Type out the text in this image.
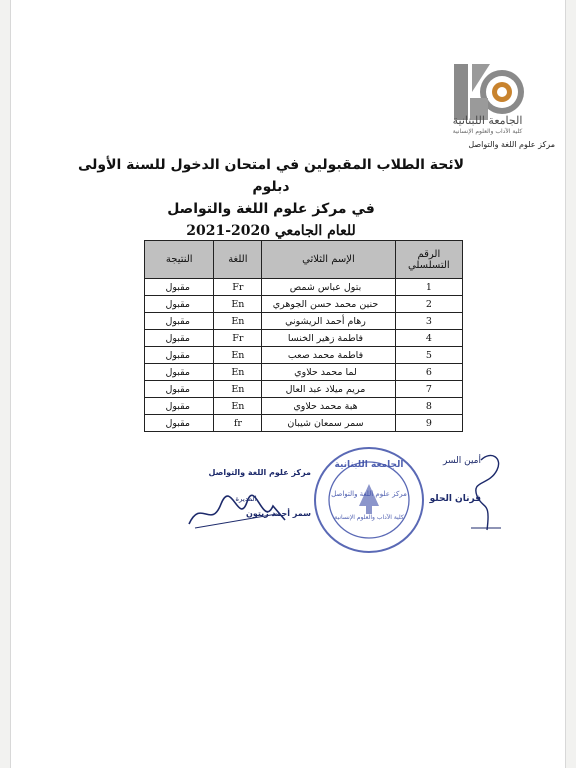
الجامعة اللبنانية
كلية الآداب والعلوم الإنسانية
مركز علوم اللغة والتواصل
لائحة الطلاب المقبولين في امتحان الدخول للسنة الأولى دبلوم
في مركز علوم اللغة والتواصل
للعام الجامعي 2020-2021
الرقم التسلسلي	الإسم الثلاثي	اللغة	النتيجة
1	بتول عباس شمص	Fr	مقبول
2	حنين محمد حسن الجوهري	En	مقبول
3	رهام أحمد الريشوني	En	مقبول
4	فاطمة زهير الخنسا	Fr	مقبول
5	فاطمة محمد صعب	En	مقبول
6	لما محمد حلاوي	En	مقبول
7	مريم ميلاد عبد العال	En	مقبول
8	هبة محمد حلاوي	En	مقبول
9	سمر سمعان شيبان	fr	مقبول
مركز علوم اللغة والتواصل
المديرة
سمر أحمد زيتون
الجامعة اللبنانية
مركز علوم اللغة والتواصل
كلية الآداب والعلوم الإنسانية
أمين السر
فرنان الحلو
